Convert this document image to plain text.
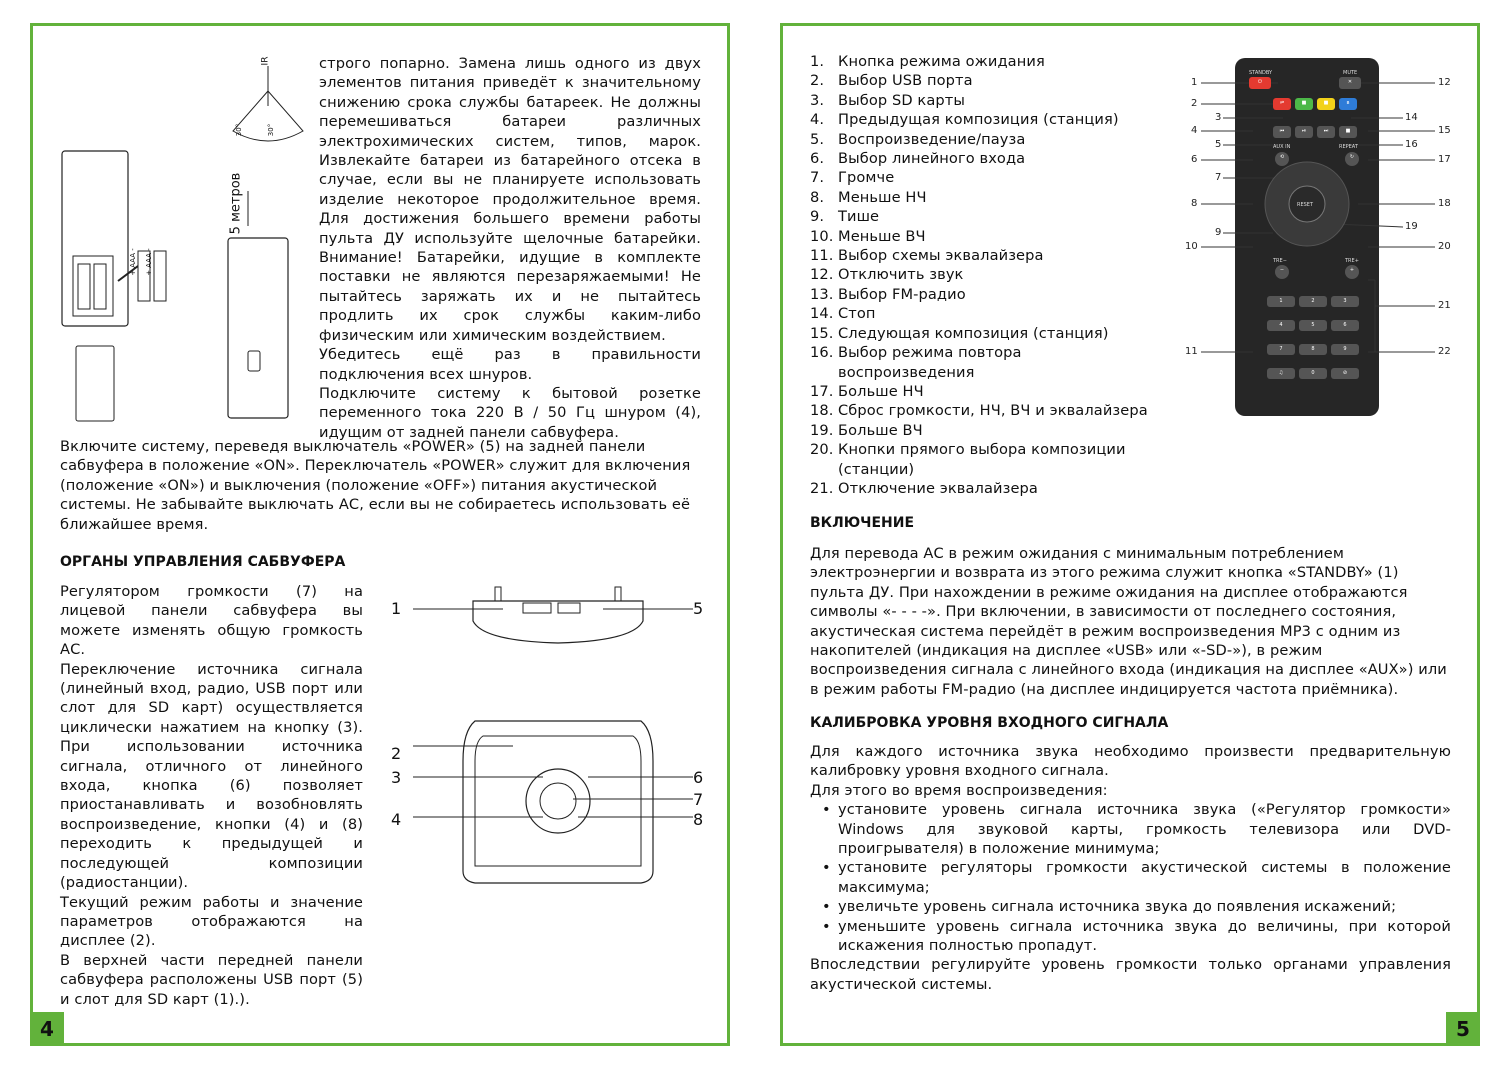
IR
30°	30°
5 метров
+ AAA - + AAA -

строго попарно. Замена лишь одного из двух элементов питания приведёт к значительному снижению срока службы батареек. Не должны перемешиваться батареи различных электрохимических систем, типов, марок. Извлекайте батареи из батарейного отсека в случае, если вы не планируете использовать изделие некоторое продолжительное время. Для достижения большего времени работы пульта ДУ используйте щелочные батарейки. Внимание! Батарейки, идущие в комплекте поставки не являются перезаряжаемыми! Не пытайтесь заряжать их и не пытайтесь продлить их срок службы каким-либо физическим или химическим воздействием.

Убедитесь ещё раз в правильности подключения всех шнуров.

Подключите систему к бытовой розетке переменного тока 220 В / 50 Гц шнуром (4), идущим от задней панели сабвуфера.

Включите систему, переведя выключатель «POWER» (5) на задней панели сабвуфера в положение «ON». Переключатель «POWER» служит для включения (положение «ON») и выключения (положение «OFF») питания акустической системы. Не забывайте выключать АС, если вы не собираетесь использовать её ближайшее время.
ОРГАНЫ УПРАВЛЕНИЯ САБВУФЕРА

Регулятором громкости (7) на лицевой панели сабвуфера вы можете изменять общую громкость АС.

Переключение источника сигнала (линейный вход, радио, USB порт или слот для SD карт) осуществляется циклически нажатием на кнопку (3). При использовании источника сигнала, отличного от линейного входа, кнопка (6) позволяет приостанавливать и возобновлять воспроизведение, кнопки (4) и (8) переходить к предыдущей и последующей композиции (радиостанции).

Текущий режим работы и значение параметров отображаются на дисплее (2).

В верхней части передней панели сабвуфера расположены USB порт (5) и слот для SD карт (1).).

1	5
2
3
4
6
7
8
4
1. Кнопка режима ожидания
2. Выбор USB порта
3. Выбор SD карты
4. Предыдущая композиция (станция)
5. Воспроизведение/пауза
6. Выбор линейного входа
7. Громче
8. Меньше НЧ
9. Тише
10. Меньше ВЧ
11. Выбор схемы эквалайзера
12. Отключить звук
13. Выбор FM-радио
14. Стоп
15. Следующая композиция (станция)
16. Выбор режима повтора воспроизведения
17. Больше НЧ
18. Сброс громкости, НЧ, ВЧ и эквалайзера
19. Больше ВЧ
20. Кнопки прямого выбора композиции (станции)
21. Отключение эквалайзера
STANDBY	MUTE
⏻	✕
⇌	■	■	ʙ
⏮	⏯	⏭	■
AUX IN	REPEAT
⟲	↻
RESET
TRE−	TRE+
−	+
1	2	3
4	5	6
7	8	9
♫	0	⊘
1
2
3
4
5
6
7
8
9
10
11
12
14
15
16
17
18
19
20
21
22
ВКЛЮЧЕНИЕ
Для перевода АС в режим ожидания с минимальным потреблением электроэнергии и возврата из этого режима служит кнопка «STANDBY» (1) пульта ДУ. При нахождении в режиме ожидания на дисплее отображаются символы «- - - -». При включении, в зависимости от последнего состояния, акустическая система перейдёт в режим воспроизведения MP3 с одним из накопителей (индикация на дисплее «USB» или «-SD-»), в режим воспроизведения сигнала с линейного входа (индикация на дисплее «AUX») или в режим работы FM-радио (на дисплее индицируется частота приёмника).
КАЛИБРОВКА УРОВНЯ ВХОДНОГО СИГНАЛА

Для каждого источника звука необходимо произвести предварительную калибровку уровня входного сигнала.

Для этого во время воспроизведения:

• установите уровень сигнала источника звука («Регулятор громкости» Windows для звуковой карты, громкость телевизора или DVD-проигрывателя) в положение минимума;
• установите регуляторы громкости акустической системы в положение максимума;
• увеличьте уровень сигнала источника звука до появления искажений;
• уменьшите уровень сигнала источника звука до величины, при которой искажения полностью пропадут.

Впоследствии регулируйте уровень громкости только органами управления акустической системы.

5
